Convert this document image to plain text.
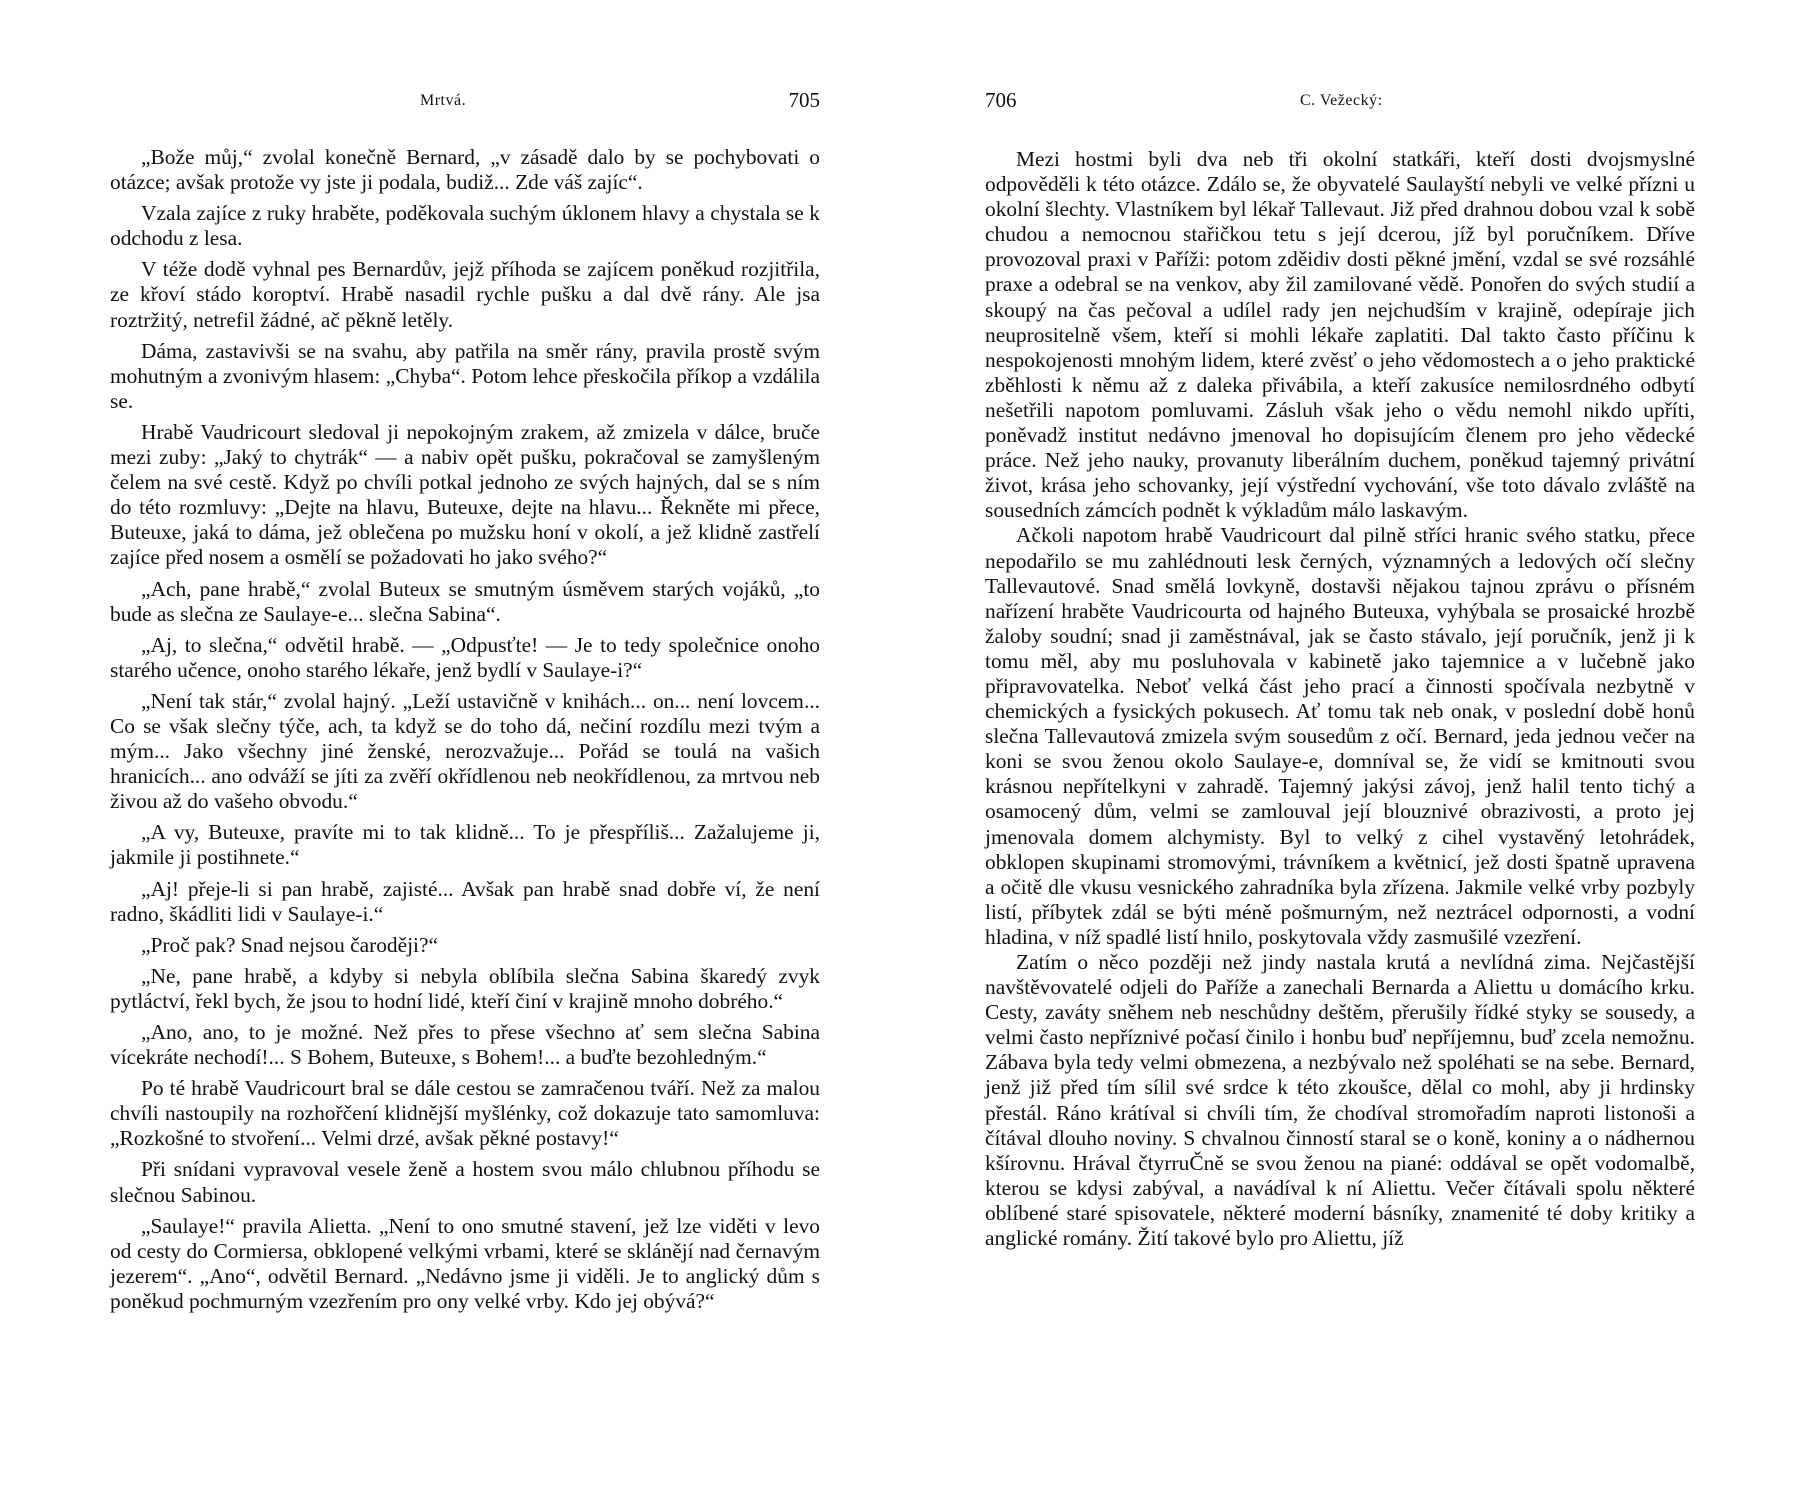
Mrtvá.	705

„Bože můj,“ zvolal konečně Bernard, „v zásadě dalo by se pochybovati o otázce; avšak protože vy jste ji podala, budiž... Zde váš zajíc“.

Vzala zajíce z ruky hraběte, poděkovala suchým úklonem hlavy a chystala se k odchodu z lesa.

V téže dodě vyhnal pes Bernardův, jejž příhoda se zajícem poněkud rozjitřila, ze křoví stádo koroptví. Hrabě nasadil rychle pušku a dal dvě rány. Ale jsa roztržitý, netrefil žádné, ač pěkně letěly.

Dáma, zastavivši se na svahu, aby patřila na směr rány, pravila prostě svým mohutným a zvonivým hlasem: „Chyba“. Potom lehce přeskočila příkop a vzdálila se.

Hrabě Vaudricourt sledoval ji nepokojným zrakem, až zmizela v dálce, bruče mezi zuby: „Jaký to chytrák“ — a nabiv opět pušku, pokračoval se zamyšleným čelem na své cestě. Když po chvíli potkal jednoho ze svých hajných, dal se s ním do této rozmluvy: „Dejte na hlavu, Buteuxe, dejte na hlavu... Řekněte mi přece, Buteuxe, jaká to dáma, jež oblečena po mužsku honí v okolí, a jež klidně zastřelí zajíce před nosem a osmělí se požadovati ho jako svého?“

„Ach, pane hrabě,“ zvolal Buteux se smutným úsměvem starých vojáků, „to bude as slečna ze Saulaye-e... slečna Sabina“.

„Aj, to slečna,“ odvětil hrabě. — „Odpusťte! — Je to tedy společnice onoho starého učence, onoho starého lékaře, jenž bydlí v Saulaye-i?“

„Není tak stár,“ zvolal hajný. „Leží ustavičně v knihách... on... není lovcem... Co se však slečny týče, ach, ta když se do toho dá, nečiní rozdílu mezi tvým a mým... Jako všechny jiné ženské, nerozvažuje... Pořád se toulá na vašich hranicích... ano odváží se jíti za zvěří okřídlenou neb neokřídlenou, za mrtvou neb živou až do vašeho obvodu.“

„A vy, Buteuxe, pravíte mi to tak klidně... To je přespříliš... Zažalujeme ji, jakmile ji postihnete.“

„Aj! přeje-li si pan hrabě, zajisté... Avšak pan hrabě snad dobře ví, že není radno, škádliti lidi v Saulaye-i.“

„Proč pak? Snad nejsou čaroději?“

„Ne, pane hrabě, a kdyby si nebyla oblíbila slečna Sabina škaredý zvyk pytláctví, řekl bych, že jsou to hodní lidé, kteří činí v krajině mnoho dobrého.“

„Ano, ano, to je možné. Než přes to přese všechno ať sem slečna Sabina vícekráte nechodí!... S Bohem, Buteuxe, s Bohem!... a buďte bezohledným.“

Po té hrabě Vaudricourt bral se dále cestou se zamračenou tváří. Než za malou chvíli nastoupily na rozhořčení klidnější myšlénky, což dokazuje tato samomluva: „Rozkošné to stvoření... Velmi drzé, avšak pěkné postavy!“

Při snídani vypravoval vesele ženě a hostem svou málo chlubnou příhodu se slečnou Sabinou.

„Saulaye!“ pravila Alietta. „Není to ono smutné stavení, jež lze viděti v levo od cesty do Cormiersa, obklopené velkými vrbami, které se sklánějí nad černavým jezerem“. „Ano“, odvětil Bernard. „Nedávno jsme ji viděli. Je to anglický dům s poněkud pochmurným vzezřením pro ony velké vrby. Kdo jej obývá?“

706	C. Vežecký:

Mezi hostmi byli dva neb tři okolní statkáři, kteří dosti dvojsmyslné odpověděli k této otázce. Zdálo se, že obyvatelé Saulayští nebyli ve velké přízni u okolní šlechty. Vlastníkem byl lékař Tallevaut. Již před drahnou dobou vzal k sobě chudou a nemocnou stařičkou tetu s její dcerou, jíž byl poručníkem. Dříve provozoval praxi v Paříži: potom zděidiv dosti pěkné jmění, vzdal se své rozsáhlé praxe a odebral se na venkov, aby žil zamilované vědě. Ponořen do svých studií a skoupý na čas pečoval a udílel rady jen nejchudším v krajině, odepíraje jich neuprositelně všem, kteří si mohli lékaře zaplatiti. Dal takto často příčinu k nespokojenosti mnohým lidem, které zvěsť o jeho vědomostech a o jeho praktické zběhlosti k němu až z daleka přivábila, a kteří zakusíce nemilosrdného odbytí nešetřili napotom pomluvami. Zásluh však jeho o vědu nemohl nikdo upříti, poněvadž institut nedávno jmenoval ho dopisujícím členem pro jeho vědecké práce. Než jeho nauky, provanuty liberálním duchem, poněkud tajemný privátní život, krása jeho schovanky, její výstřední vychování, vše toto dávalo zvláště na sousedních zámcích podnět k výkladům málo laskavým.

Ačkoli napotom hrabě Vaudricourt dal pilně stříci hranic svého statku, přece nepodařilo se mu zahlédnouti lesk černých, významných a ledových očí slečny Tallevautové. Snad smělá lovkyně, dostavši nějakou tajnou zprávu o přísném nařízení hraběte Vaudricourta od hajného Buteuxa, vyhýbala se prosaické hrozbě žaloby soudní; snad ji zaměstnával, jak se často stávalo, její poručník, jenž ji k tomu měl, aby mu posluhovala v kabinetě jako tajemnice a v lučebně jako připravovatelka. Neboť velká část jeho prací a činnosti spočívala nezbytně v chemických a fysických pokusech. Ať tomu tak neb onak, v poslední době honů slečna Tallevautová zmizela svým sousedům z očí. Bernard, jeda jednou večer na koni se svou ženou okolo Saulaye-e, domníval se, že vidí se kmitnouti svou krásnou nepřítelkyni v zahradě. Tajemný jakýsi závoj, jenž halil tento tichý a osamocený dům, velmi se zamlouval její blouznivé obrazivosti, a proto jej jmenovala domem alchymisty. Byl to velký z cihel vystavěný letohrádek, obklopen skupinami stromovými, trávníkem a květnicí, jež dosti špatně upravena a očitě dle vkusu vesnického zahradníka byla zřízena. Jakmile velké vrby pozbyly listí, příbytek zdál se býti méně pošmurným, než neztrácel odpornosti, a vodní hladina, v níž spadlé listí hnilo, poskytovala vždy zasmušilé vzezření.

Zatím o něco později než jindy nastala krutá a nevlídná zima. Nejčastější navštěvovatelé odjeli do Paříže a zanechali Bernarda a Aliettu u domácího krku. Cesty, zaváty sněhem neb neschůdny deštěm, přerušily řídké styky se sousedy, a velmi často nepříznivé počasí činilo i honbu buď nepříjemnu, buď zcela nemožnu. Zábava byla tedy velmi obmezena, a nezbývalo než spoléhati se na sebe. Bernard, jenž již před tím sílil své srdce k této zkoušce, dělal co mohl, aby ji hrdinsky přestál. Ráno krátíval si chvíli tím, že chodíval stromořadím naproti listonoši a čítával dlouho noviny. S chvalnou činností staral se o koně, koniny a o nádhernou kšírovnu. Hrával čtyrruČně se svou ženou na piané: oddával se opět vodomalbě, kterou se kdysi zabýval, a navádíval k ní Aliettu. Večer čítávali spolu některé oblíbené staré spisovatele, některé moderní básníky, znamenité té doby kritiky a anglické romány. Žití takové bylo pro Aliettu, jíž
